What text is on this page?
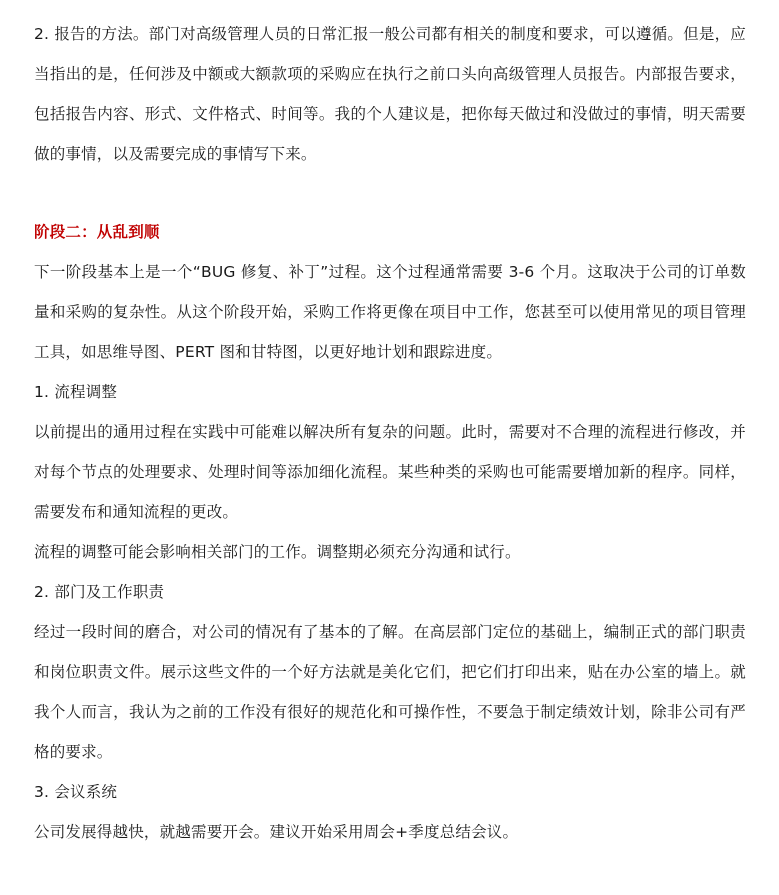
2. 报告的方法。部门对高级管理人员的日常汇报一般公司都有相关的制度和要求，可以遵循。但是，应当指出的是，任何涉及中额或大额款项的采购应在执行之前口头向高级管理人员报告。内部报告要求，包括报告内容、形式、文件格式、时间等。我的个人建议是，把你每天做过和没做过的事情，明天需要做的事情，以及需要完成的事情写下来。

阶段二：从乱到顺

下一阶段基本上是一个“BUG 修复、补丁”过程。这个过程通常需要 3-6 个月。这取决于公司的订单数量和采购的复杂性。从这个阶段开始，采购工作将更像在项目中工作，您甚至可以使用常见的项目管理工具，如思维导图、PERT 图和甘特图，以更好地计划和跟踪进度。

1. 流程调整

以前提出的通用过程在实践中可能难以解决所有复杂的问题。此时，需要对不合理的流程进行修改，并对每个节点的处理要求、处理时间等添加细化流程。某些种类的采购也可能需要增加新的程序。同样，需要发布和通知流程的更改。

流程的调整可能会影响相关部门的工作。调整期必须充分沟通和试行。

2. 部门及工作职责

经过一段时间的磨合，对公司的情况有了基本的了解。在高层部门定位的基础上，编制正式的部门职责和岗位职责文件。展示这些文件的一个好方法就是美化它们，把它们打印出来，贴在办公室的墙上。就我个人而言，我认为之前的工作没有很好的规范化和可操作性，不要急于制定绩效计划，除非公司有严格的要求。

3. 会议系统

公司发展得越快，就越需要开会。建议开始采用周会+季度总结会议。
